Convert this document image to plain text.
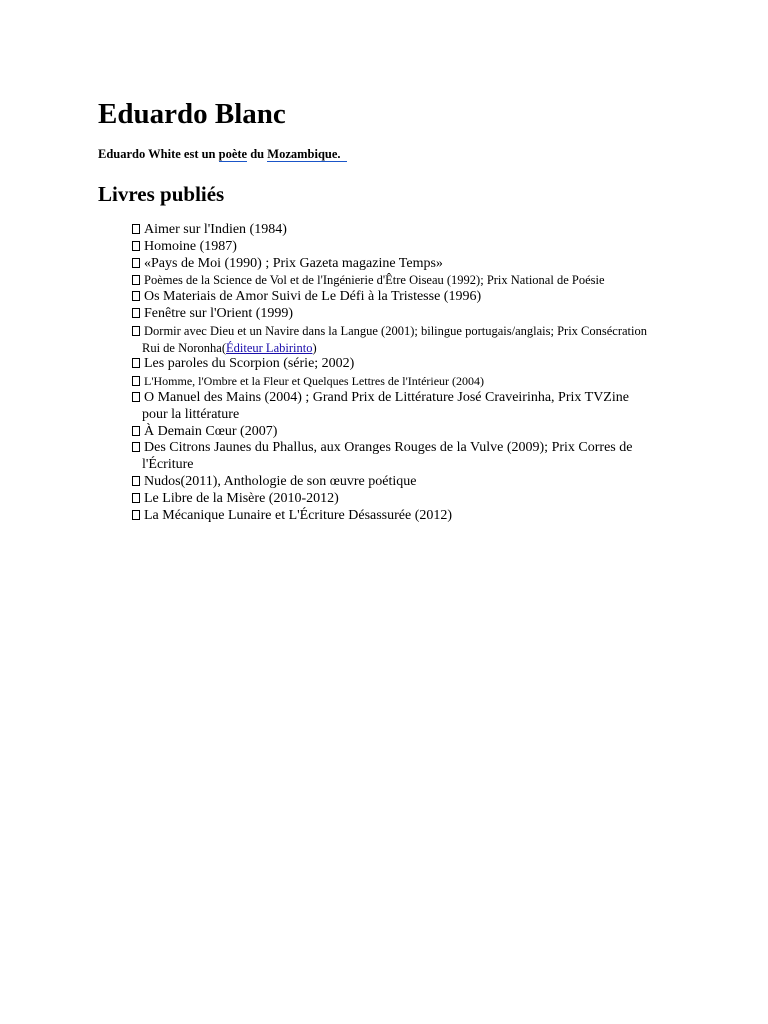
Eduardo Blanc

Eduardo White est un poète du Mozambique.

Livres publiés
Aimer sur l'Indien (1984)
Homoine (1987)
«Pays de Moi (1990) ; Prix Gazeta magazine Temps»
Poèmes de la Science de Vol et de l'Ingénierie d'Être Oiseau (1992); Prix National de Poésie
Os Materiais de Amor Suivi de Le Défi à la Tristesse (1996)
Fenêtre sur l'Orient (1999)
Dormir avec Dieu et un Navire dans la Langue (2001); bilingue portugais/anglais; Prix Consécration Rui de Noronha(Éditeur Labirinto)
Les paroles du Scorpion (série; 2002)
L'Homme, l'Ombre et la Fleur et Quelques Lettres de l'Intérieur (2004)
O Manuel des Mains (2004) ; Grand Prix de Littérature José Craveirinha, Prix TVZine pour la littérature
À Demain Cœur (2007)
Des Citrons Jaunes du Phallus, aux Oranges Rouges de la Vulve (2009); Prix Corres de l'Écriture
Nudos(2011), Anthologie de son œuvre poétique
Le Libre de la Misère (2010-2012)
La Mécanique Lunaire et L'Écriture Désassurée (2012)
